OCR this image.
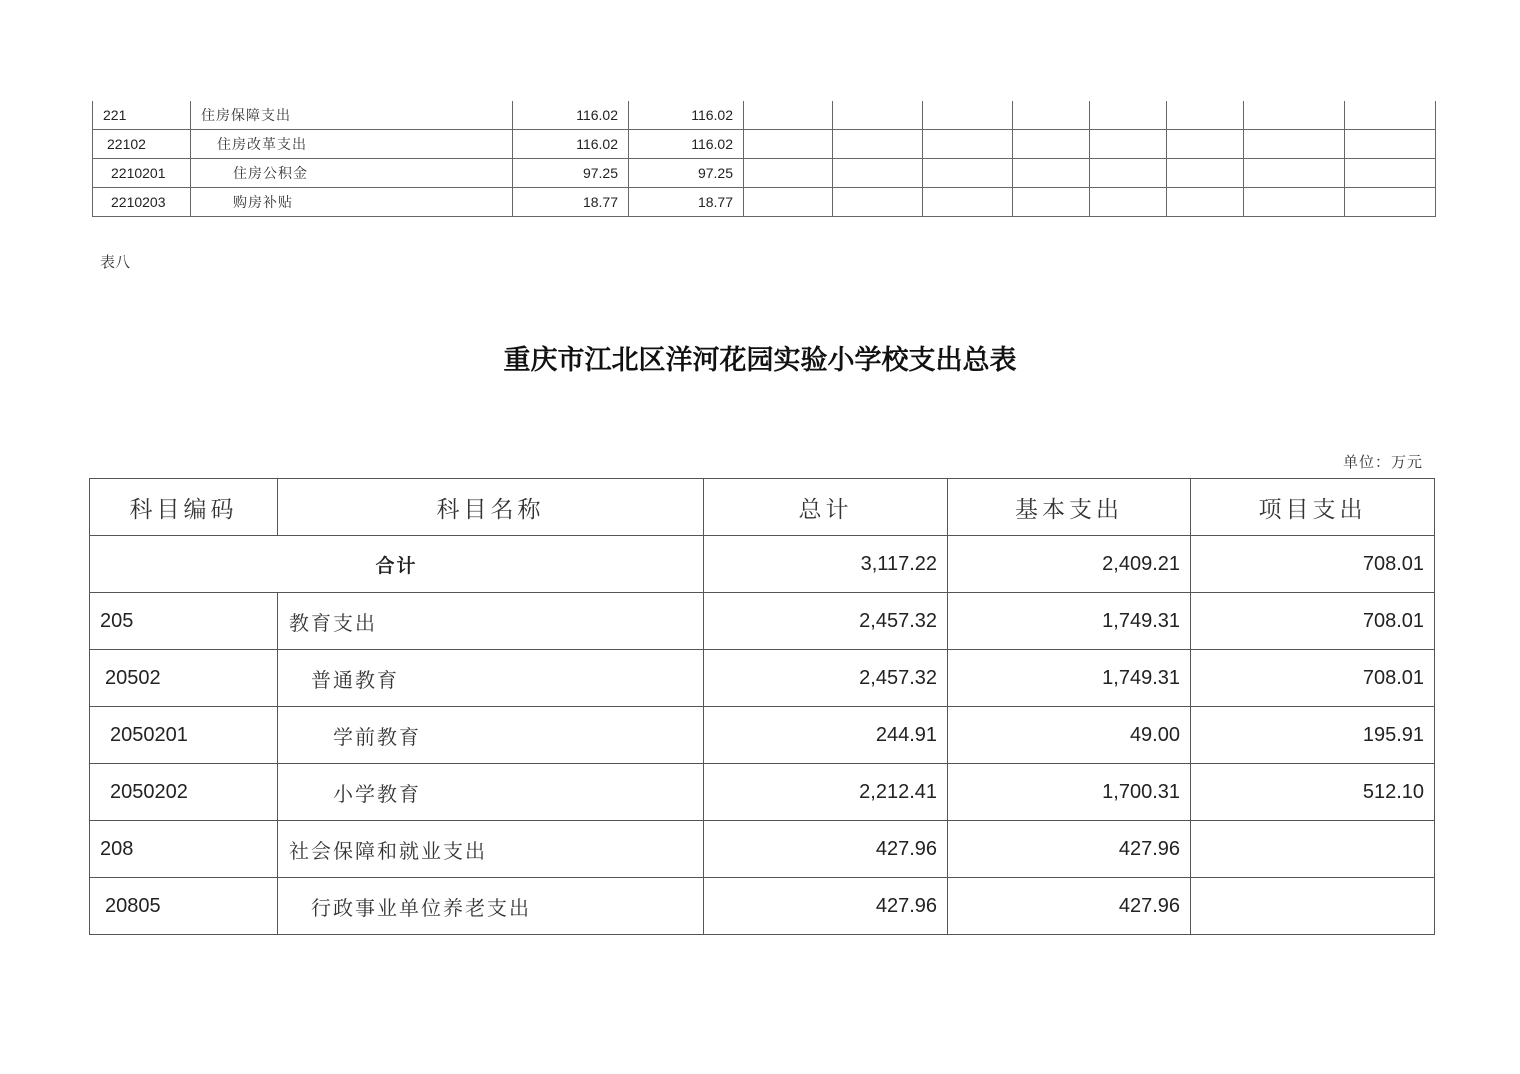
221	住房保障支出	116.02	116.02								
22102	住房改革支出	116.02	116.02								
2210201	住房公积金	97.25	97.25								
2210203	购房补贴	18.77	18.77								
表八
重庆市江北区洋河花园实验小学校支出总表
单位：万元
科目编码	科目名称	总计	基本支出	项目支出
合计		3,117.22	2,409.21	708.01
205	教育支出	2,457.32	1,749.31	708.01
20502	普通教育	2,457.32	1,749.31	708.01
2050201	学前教育	244.91	49.00	195.91
2050202	小学教育	2,212.41	1,700.31	512.10
208	社会保障和就业支出	427.96	427.96	
20805	行政事业单位养老支出	427.96	427.96	
